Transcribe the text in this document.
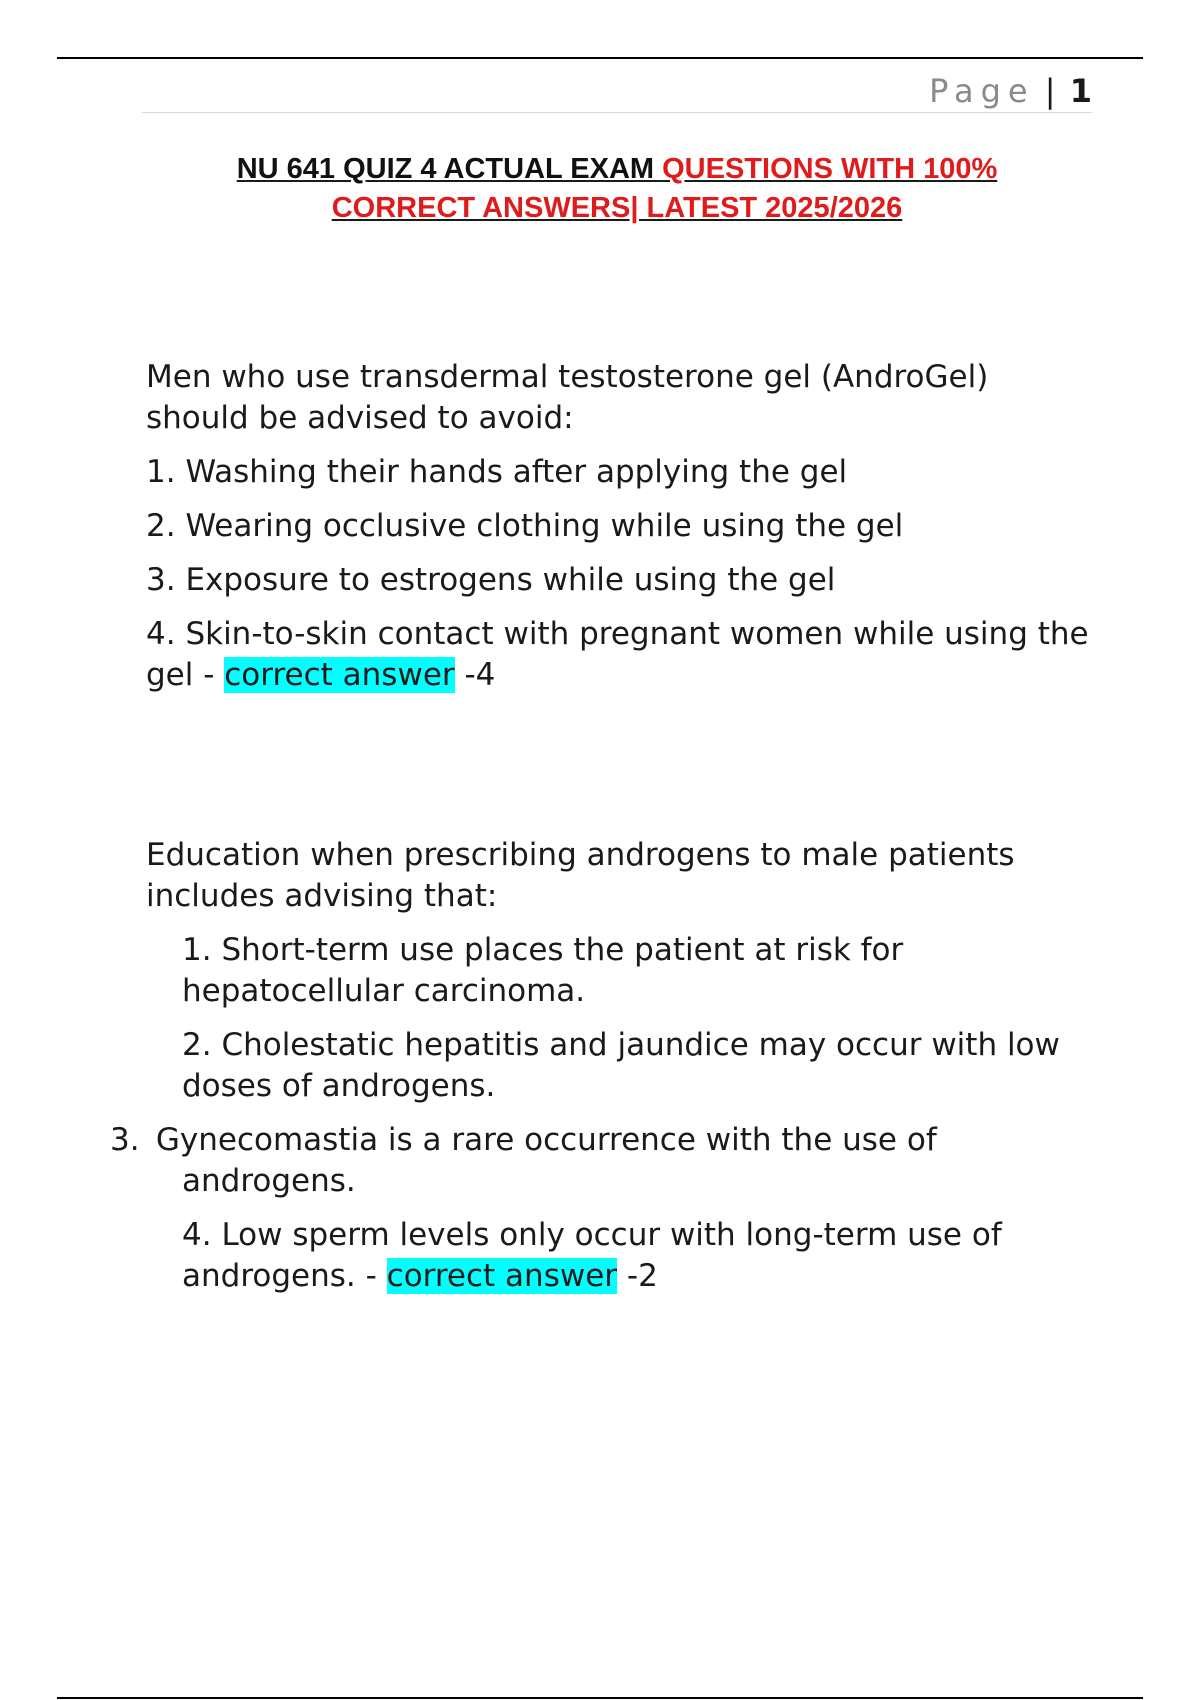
Page | 1
NU 641 QUIZ 4 ACTUAL EXAM QUESTIONS WITH 100%
CORRECT ANSWERS| LATEST 2025/2026
Men who use transdermal testosterone gel (AndroGel) should be advised to avoid:
1. Washing their hands after applying the gel
2. Wearing occlusive clothing while using the gel
3. Exposure to estrogens while using the gel
4. Skin-to-skin contact with pregnant women while using the gel - correct answer -4
Education when prescribing androgens to male patients includes advising that:
1. Short-term use places the patient at risk for hepatocellular carcinoma.
2. Cholestatic hepatitis and jaundice may occur with low doses of androgens.
3. Gynecomastia is a rare occurrence with the use of androgens.
4. Low sperm levels only occur with long-term use of androgens. - correct answer -2
